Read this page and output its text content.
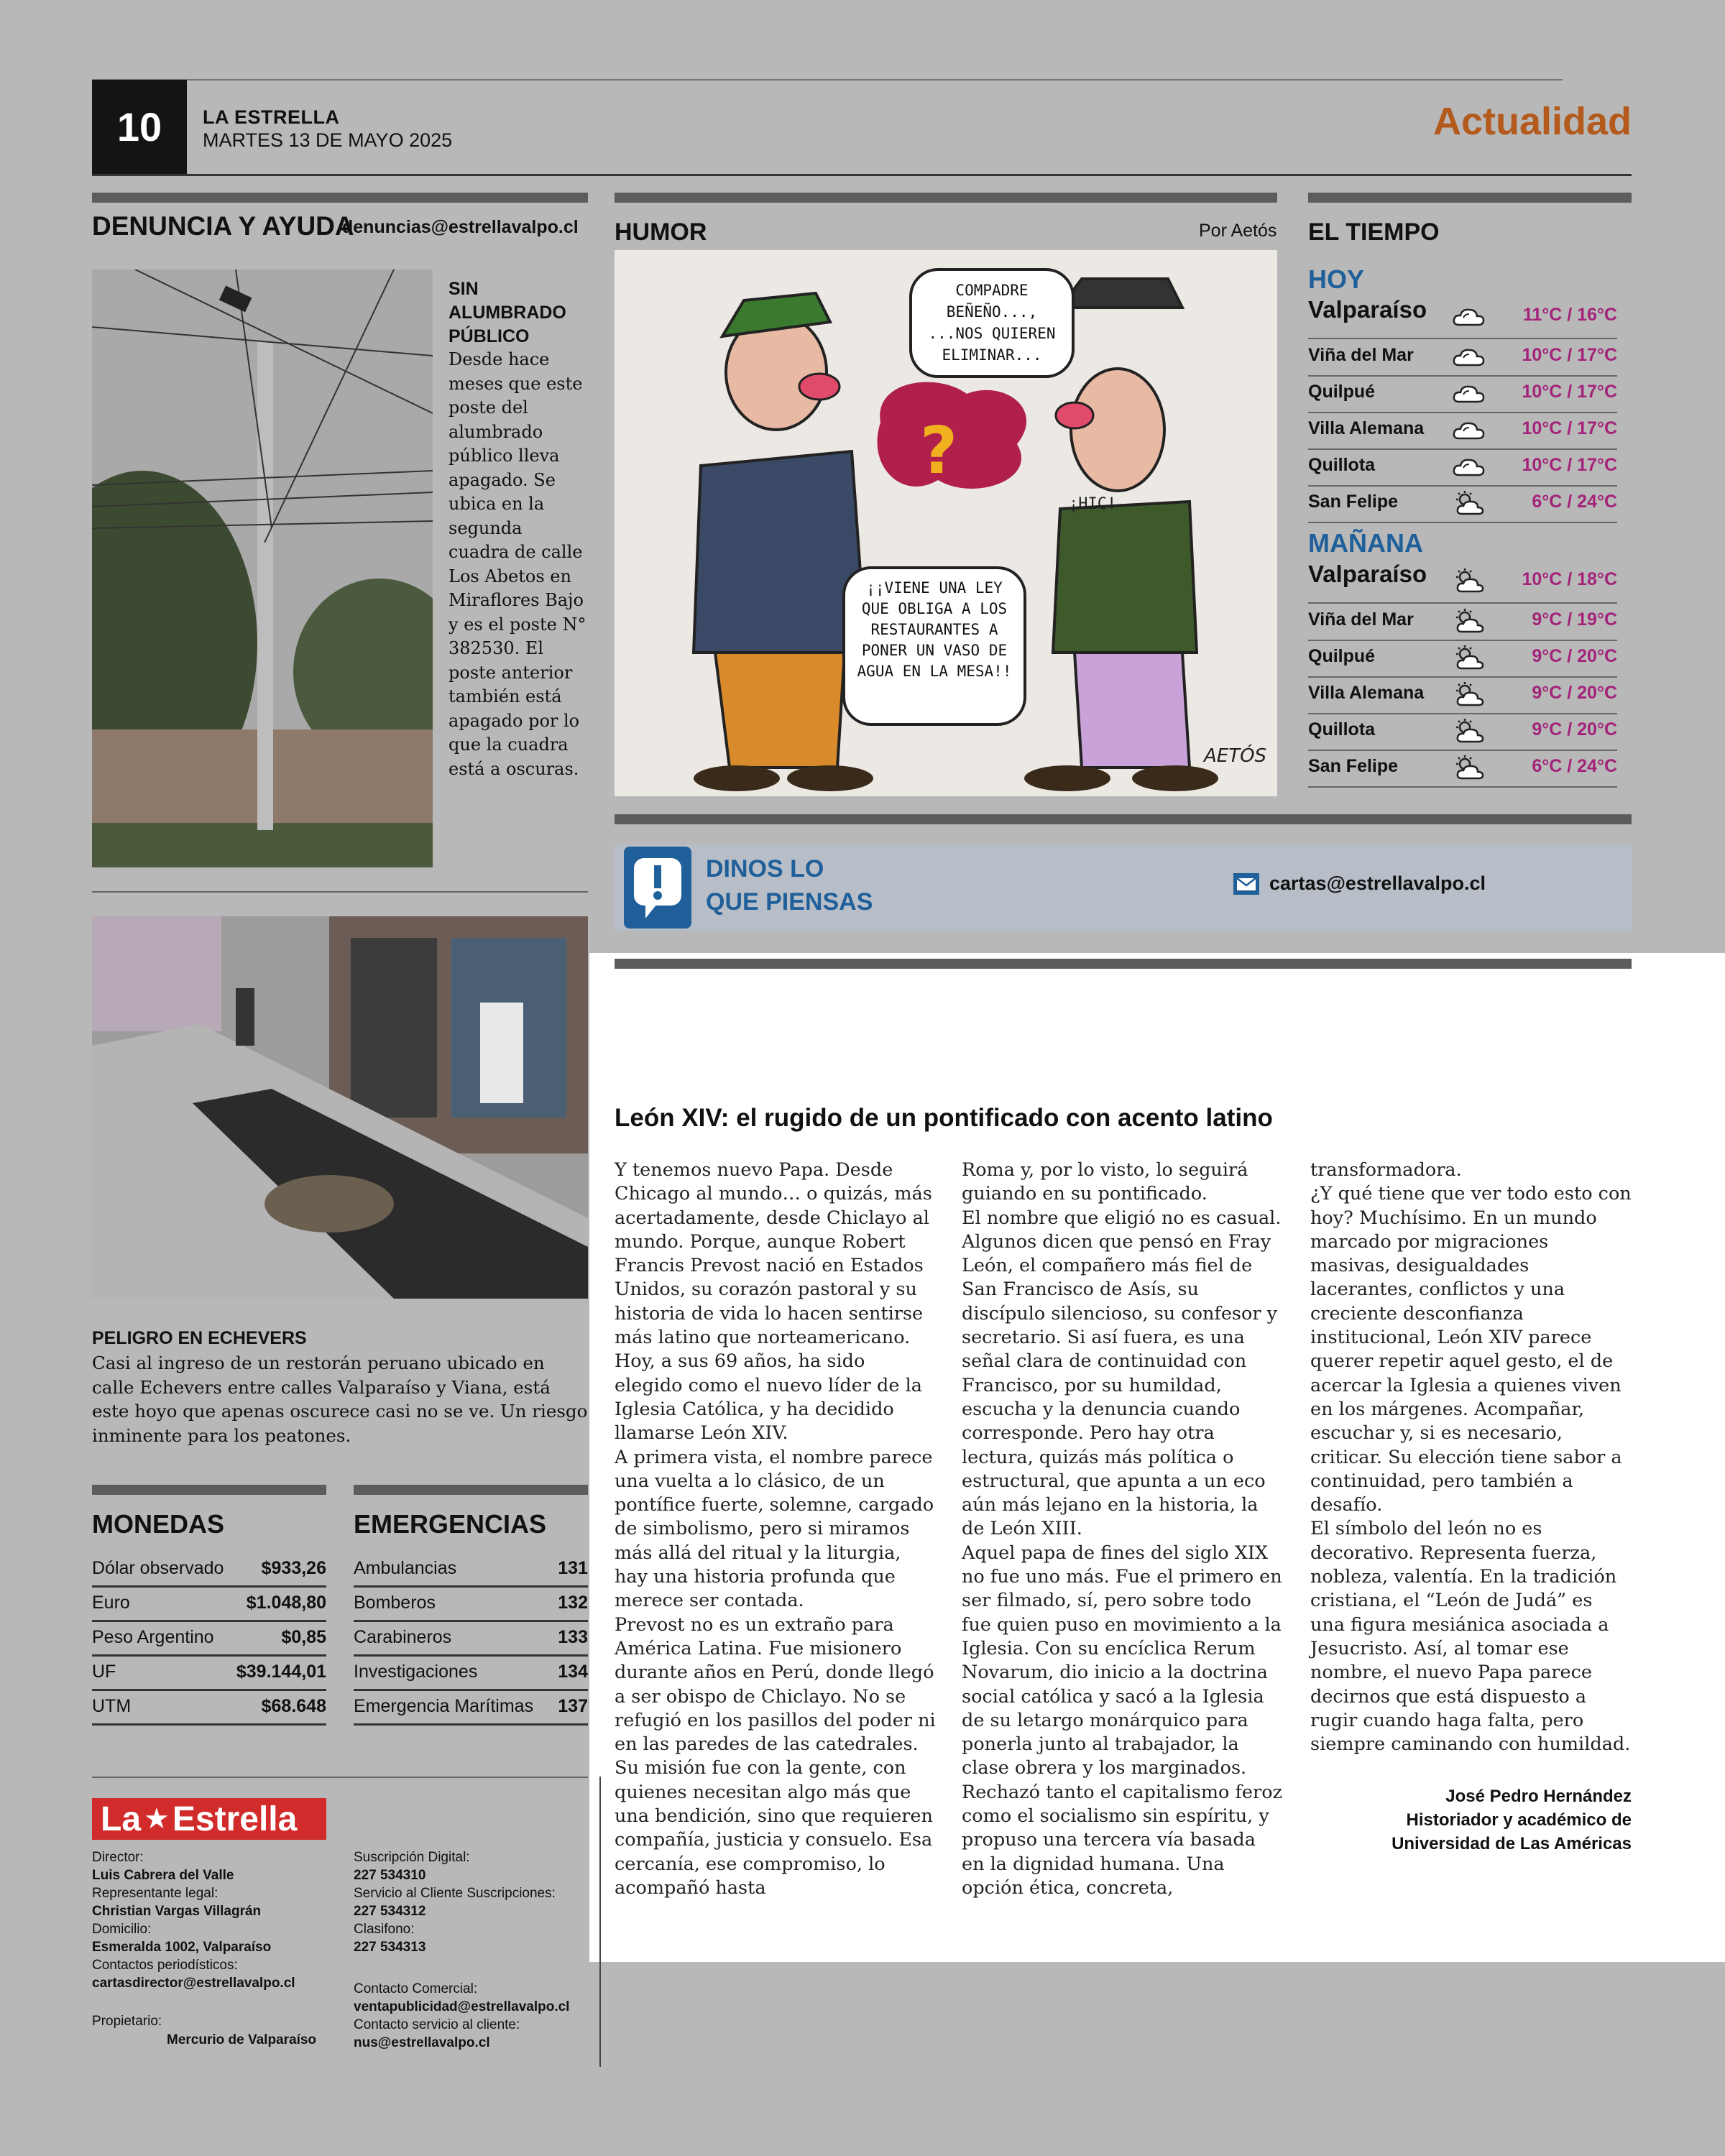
10	LA ESTRELLA
MARTES 13 DE MAYO 2025	Actualidad
DENUNCIA Y AYUDA
denuncias@estrellavalpo.cl
SIN ALUMBRADO PÚBLICO
Desde hace meses que este poste del alumbrado público lleva apagado. Se ubica en la segunda cuadra de calle Los Abetos en Miraflores Bajo y es el poste N° 382530. El poste anterior también está apagado por lo que la cuadra está a oscuras.
PELIGRO EN ECHEVERS
Casi al ingreso de un restorán peruano ubicado en calle Echevers entre calles Valparaíso y Viana, está este hoyo que apenas oscurece casi no se ve. Un riesgo inminente para los peatones.
HUMOR	Por Aetós
?
¡HIC!
AETÓS
COMPADRE BEÑEÑO..., ...NOS QUIEREN ELIMINAR...
¡¡VIENE UNA LEY QUE OBLIGA A LOS RESTAURANTES A PONER UN VASO DE AGUA EN LA MESA!!
EL TIEMPO
HOY
Valparaíso	11°C / 16°C
Viña del Mar	10°C / 17°C
Quilpué	10°C / 17°C
Villa Alemana	10°C / 17°C
Quillota	10°C / 17°C
San Felipe	6°C / 24°C
MAÑANA
Valparaíso	10°C / 18°C
Viña del Mar	9°C / 19°C
Quilpué	9°C / 20°C
Villa Alemana	9°C / 20°C
Quillota	9°C / 20°C
San Felipe	6°C / 24°C
DINOS LO
QUE PIENSAS
cartas@estrellavalpo.cl
León XIV: el rugido de un pontificado con acento latino

Y tenemos nuevo Papa. Desde Chicago al mundo… o quizás, más acertadamente, desde Chiclayo al mundo. Porque, aunque Robert Francis Prevost nació en Estados Unidos, su corazón pastoral y su historia de vida lo hacen sentirse más latino que norteamericano. Hoy, a sus 69 años, ha sido elegido como el nuevo líder de la Iglesia Católica, y ha decidido llamarse León XIV.
A primera vista, el nombre parece una vuelta a lo clásico, de un pontífice fuerte, solemne, cargado de simbolismo, pero si miramos más allá del ritual y la liturgia, hay una historia profunda que merece ser contada.
Prevost no es un extraño para América Latina. Fue misionero durante años en Perú, donde llegó a ser obispo de Chiclayo. No se refugió en los pasillos del poder ni en las paredes de las catedrales. Su misión fue con la gente, con quienes necesitan algo más que una bendición, sino que requieren compañía, justicia y consuelo. Esa cercanía, ese compromiso, lo acompañó hasta

Roma y, por lo visto, lo seguirá guiando en su pontificado.
El nombre que eligió no es casual. Algunos dicen que pensó en Fray León, el compañero más fiel de San Francisco de Asís, su discípulo silencioso, su confesor y secretario. Si así fuera, es una señal clara de continuidad con Francisco, por su humildad, escucha y la denuncia cuando corresponde. Pero hay otra lectura, quizás más política o estructural, que apunta a un eco aún más lejano en la historia, la de León XIII.
Aquel papa de fines del siglo XIX no fue uno más. Fue el primero en ser filmado, sí, pero sobre todo fue quien puso en movimiento a la Iglesia. Con su encíclica Rerum Novarum, dio inicio a la doctrina social católica y sacó a la Iglesia de su letargo monárquico para ponerla junto al trabajador, la clase obrera y los marginados. Rechazó tanto el capitalismo feroz como el socialismo sin espíritu, y propuso una tercera vía basada en la dignidad humana. Una opción ética, concreta,

transformadora.
¿Y qué tiene que ver todo esto con hoy? Muchísimo. En un mundo marcado por migraciones masivas, desigualdades lacerantes, conflictos y una creciente desconfianza institucional, León XIV parece querer repetir aquel gesto, el de acercar la Iglesia a quienes viven en los márgenes. Acompañar, escuchar y, si es necesario, criticar. Su elección tiene sabor a continuidad, pero también a desafío.
El símbolo del león no es decorativo. Representa fuerza, nobleza, valentía. En la tradición cristiana, el “León de Judá” es una figura mesiánica asociada a Jesucristo. Así, al tomar ese nombre, el nuevo Papa parece decirnos que está dispuesto a rugir cuando haga falta, pero siempre caminando con humildad.

José Pedro Hernández
Historiador y académico de
Universidad de Las Américas
MONEDAS
Dólar observado $933,26
Euro	$1.048,80
Peso Argentino	$0,85
UF	$39.144,01
UTM	$68.648
EMERGENCIAS
Ambulancias	131
Bomberos	132
Carabineros	133
Investigaciones	134
Emergencia Marítimas 137
La ★ Estrella
Director:
Luis Cabrera del Valle
Representante legal:
Christian Vargas Villagrán
Domicilio:
Esmeralda 1002, Valparaíso
Contactos periodísticos:
cartasdirector@estrellavalpo.cl
Propietario:
Mercurio de Valparaíso
Suscripción Digital:
227 534310
Servicio al Cliente Suscripciones:
227 534312
Clasifono:
227 534313
Contacto Comercial:
ventapublicidad@estrellavalpo.cl
Contacto servicio al cliente:
nus@estrellavalpo.cl
